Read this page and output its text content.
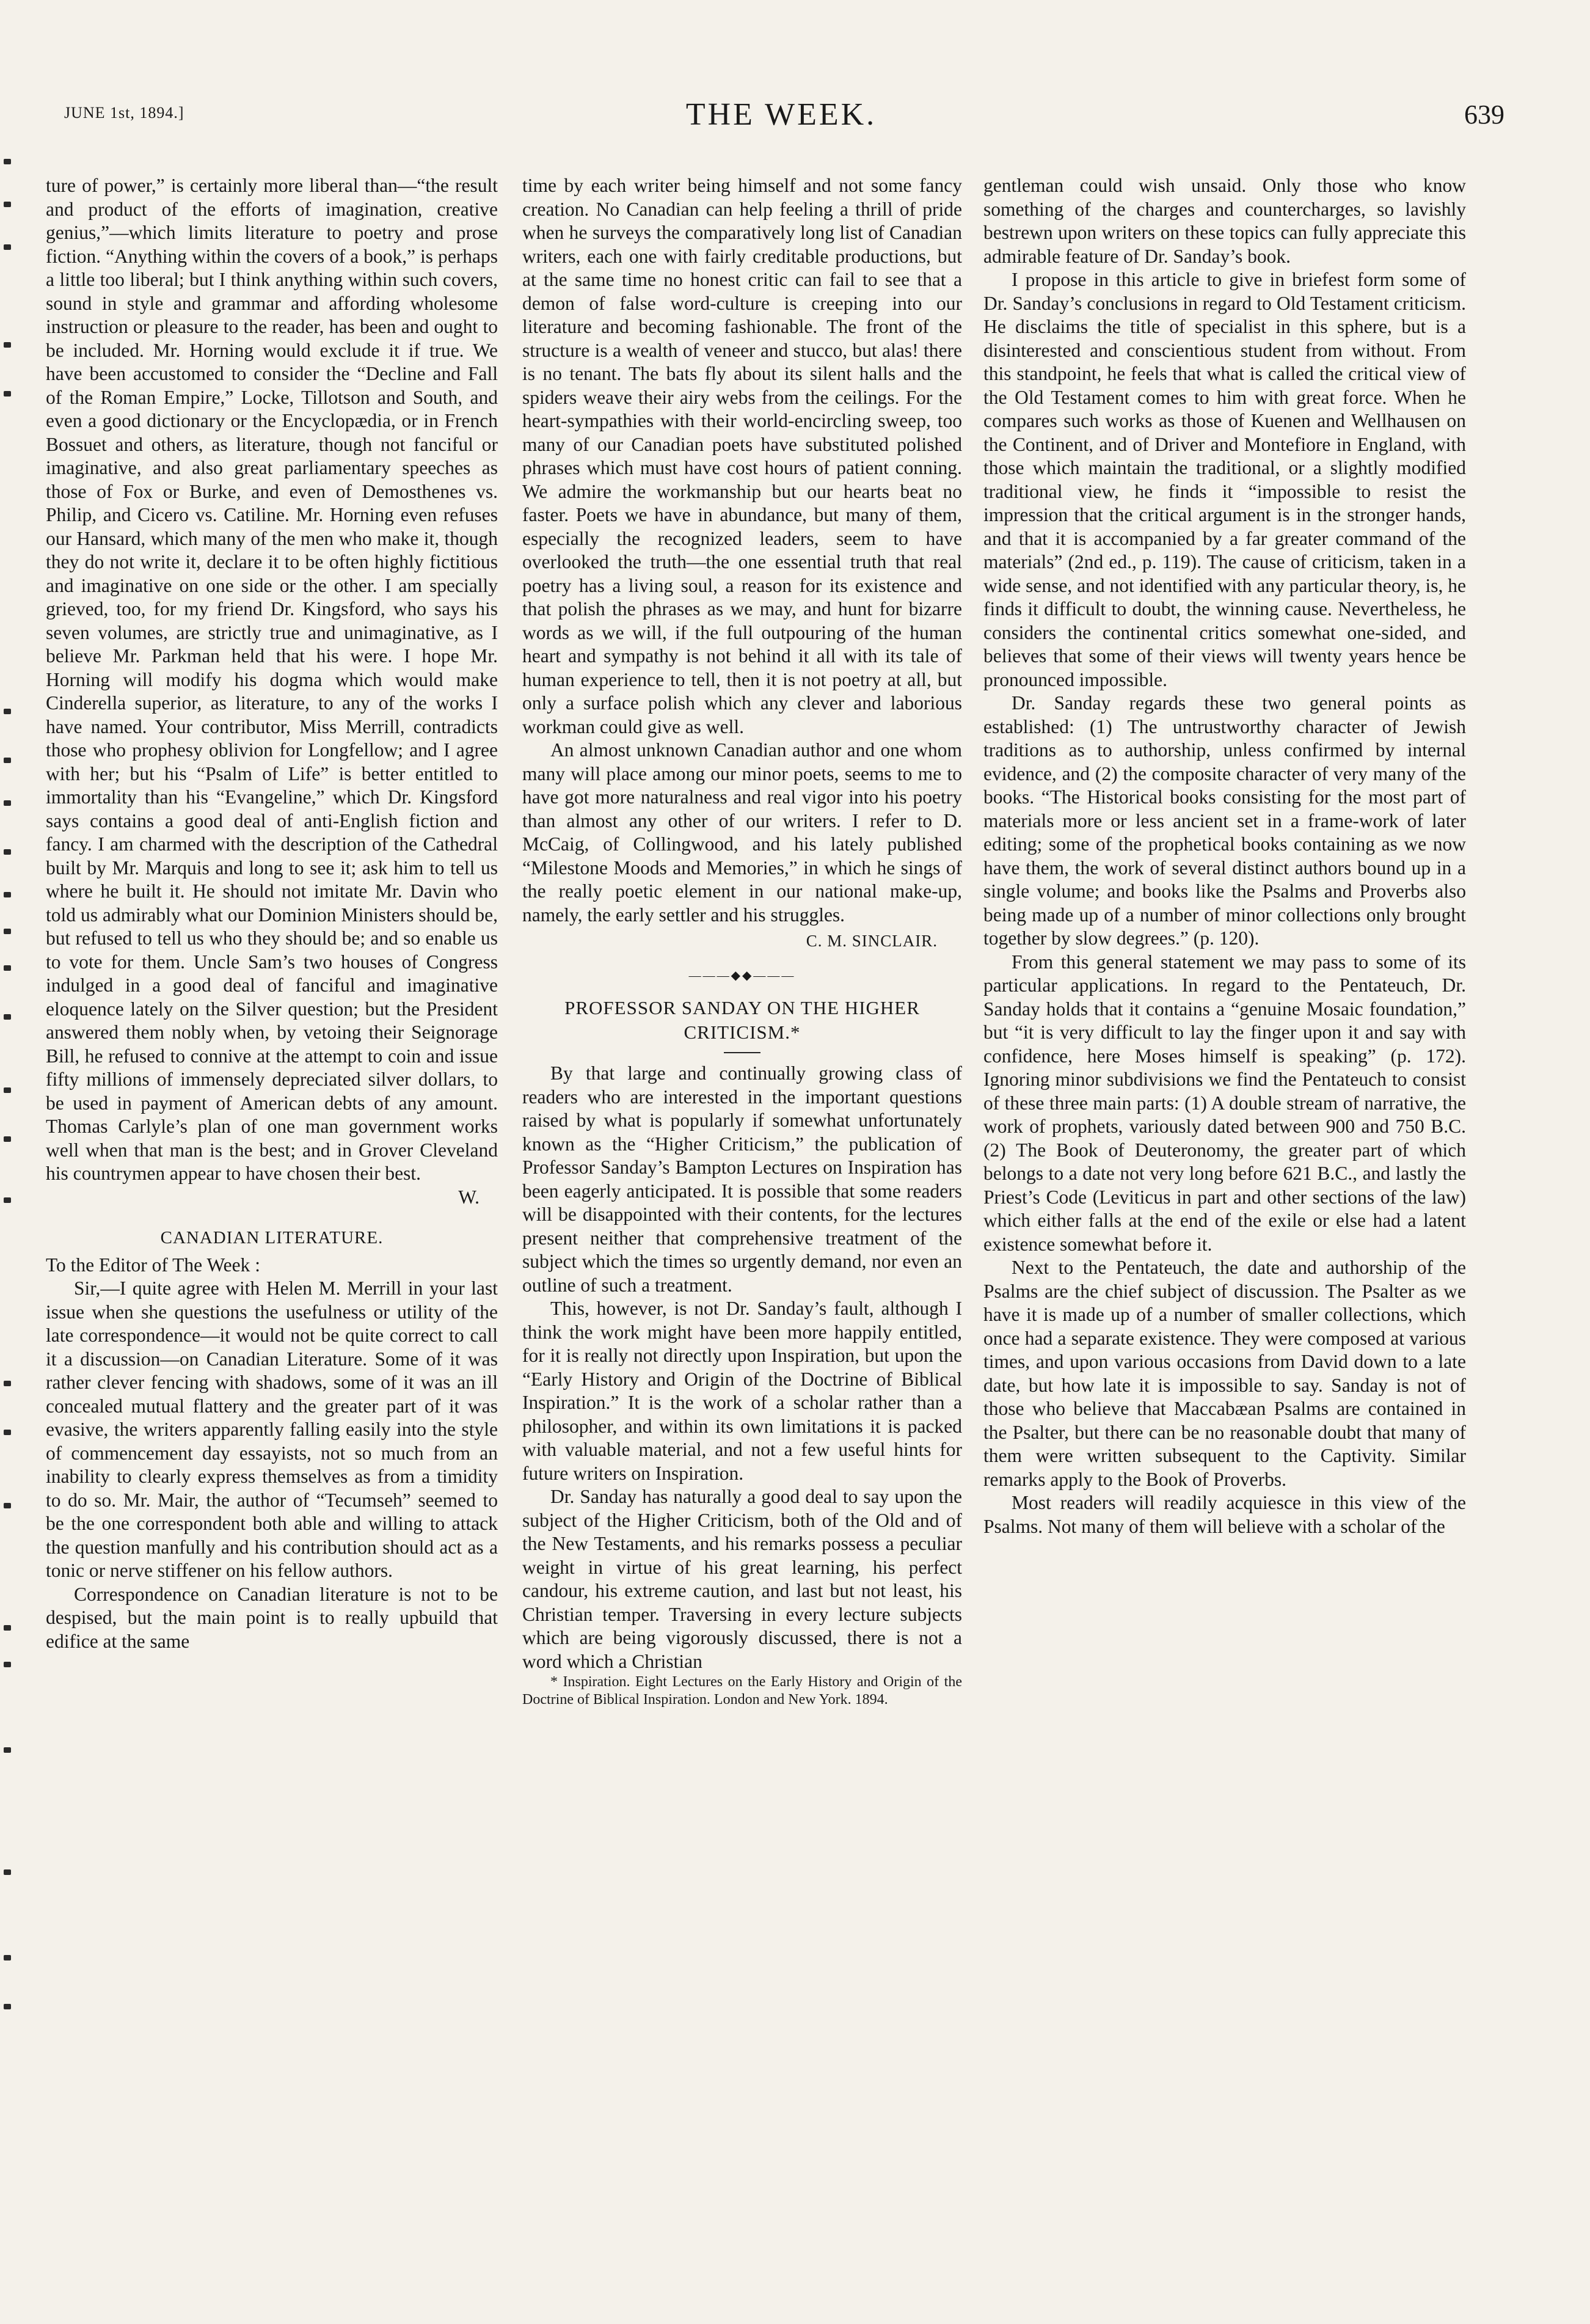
JUNE 1st, 1894.]	THE WEEK.	639

ture of power,” is certainly more liberal than—“the result and product of the efforts of imagination, creative genius,”—which limits literature to poetry and prose fiction. “Anything within the covers of a book,” is perhaps a little too liberal; but I think anything within such covers, sound in style and grammar and affording wholesome instruction or pleasure to the reader, has been and ought to be included. Mr. Horning would exclude it if true. We have been accustomed to consider the “Decline and Fall of the Roman Empire,” Locke, Tillotson and South, and even a good dictionary or the Encyclopædia, or in French Bossuet and others, as literature, though not fanciful or imaginative, and also great parliamentary speeches as those of Fox or Burke, and even of Demosthenes vs. Philip, and Cicero vs. Catiline. Mr. Horning even refuses our Hansard, which many of the men who make it, though they do not write it, declare it to be often highly fictitious and imaginative on one side or the other. I am specially grieved, too, for my friend Dr. Kingsford, who says his seven volumes, are strictly true and unimaginative, as I believe Mr. Parkman held that his were. I hope Mr. Horning will modify his dogma which would make Cinderella superior, as literature, to any of the works I have named. Your contributor, Miss Merrill, contradicts those who prophesy oblivion for Longfellow; and I agree with her; but his “Psalm of Life” is better entitled to immortality than his “Evangeline,” which Dr. Kingsford says contains a good deal of anti-English fiction and fancy. I am charmed with the description of the Cathedral built by Mr. Marquis and long to see it; ask him to tell us where he built it. He should not imitate Mr. Davin who told us admirably what our Dominion Ministers should be, but refused to tell us who they should be; and so enable us to vote for them. Uncle Sam’s two houses of Congress indulged in a good deal of fanciful and imaginative eloquence lately on the Silver question; but the President answered them nobly when, by vetoing their Seignorage Bill, he refused to connive at the attempt to coin and issue fifty millions of immensely depreciated silver dollars, to be used in payment of American debts of any amount. Thomas Carlyle’s plan of one man government works well when that man is the best; and in Grover Cleveland his countrymen appear to have chosen their best.

W.
CANADIAN LITERATURE.

To the Editor of The Week :

Sir,—I quite agree with Helen M. Merrill in your last issue when she questions the usefulness or utility of the late correspondence—it would not be quite correct to call it a discussion—on Canadian Literature. Some of it was rather clever fencing with shadows, some of it was an ill concealed mutual flattery and the greater part of it was evasive, the writers apparently falling easily into the style of commencement day essayists, not so much from an inability to clearly express themselves as from a timidity to do so. Mr. Mair, the author of “Tecumseh” seemed to be the one correspondent both able and willing to attack the question manfully and his contribution should act as a tonic or nerve stiffener on his fellow authors.

Correspondence on Canadian literature is not to be despised, but the main point is to really upbuild that edifice at the same

time by each writer being himself and not some fancy creation. No Canadian can help feeling a thrill of pride when he surveys the comparatively long list of Canadian writers, each one with fairly creditable productions, but at the same time no honest critic can fail to see that a demon of false word-culture is creeping into our literature and becoming fashionable. The front of the structure is a wealth of veneer and stucco, but alas! there is no tenant. The bats fly about its silent halls and the spiders weave their airy webs from the ceilings. For the heart-sympathies with their world-encircling sweep, too many of our Canadian poets have substituted polished phrases which must have cost hours of patient conning. We admire the workmanship but our hearts beat no faster. Poets we have in abundance, but many of them, especially the recognized leaders, seem to have overlooked the truth—the one essential truth that real poetry has a living soul, a reason for its existence and that polish the phrases as we may, and hunt for bizarre words as we will, if the full outpouring of the human heart and sympathy is not behind it all with its tale of human experience to tell, then it is not poetry at all, but only a surface polish which any clever and laborious workman could give as well.

An almost unknown Canadian author and one whom many will place among our minor poets, seems to me to have got more naturalness and real vigor into his poetry than almost any other of our writers. I refer to D. McCaig, of Collingwood, and his lately published “Milestone Moods and Memories,” in which he sings of the really poetic element in our national make-up, namely, the early settler and his struggles.

C. M. SINCLAIR.
———◆◆———
PROFESSOR SANDAY ON THE HIGHER CRITICISM.*

By that large and continually growing class of readers who are interested in the important questions raised by what is popularly if somewhat unfortunately known as the “Higher Criticism,” the publication of Professor Sanday’s Bampton Lectures on Inspiration has been eagerly anticipated. It is possible that some readers will be disappointed with their contents, for the lectures present neither that comprehensive treatment of the subject which the times so urgently demand, nor even an outline of such a treatment.

This, however, is not Dr. Sanday’s fault, although I think the work might have been more happily entitled, for it is really not directly upon Inspiration, but upon the “Early History and Origin of the Doctrine of Biblical Inspiration.” It is the work of a scholar rather than a philosopher, and within its own limitations it is packed with valuable material, and not a few useful hints for future writers on Inspiration.

Dr. Sanday has naturally a good deal to say upon the subject of the Higher Criticism, both of the Old and of the New Testaments, and his remarks possess a peculiar weight in virtue of his great learning, his perfect candour, his extreme caution, and last but not least, his Christian temper. Traversing in every lecture subjects which are being vigorously discussed, there is not a word which a Christian

* Inspiration. Eight Lectures on the Early History and Origin of the Doctrine of Biblical Inspiration. London and New York. 1894.

gentleman could wish unsaid. Only those who know something of the charges and countercharges, so lavishly bestrewn upon writers on these topics can fully appreciate this admirable feature of Dr. Sanday’s book.

I propose in this article to give in briefest form some of Dr. Sanday’s conclusions in regard to Old Testament criticism. He disclaims the title of specialist in this sphere, but is a disinterested and conscientious student from without. From this standpoint, he feels that what is called the critical view of the Old Testament comes to him with great force. When he compares such works as those of Kuenen and Wellhausen on the Continent, and of Driver and Montefiore in England, with those which maintain the traditional, or a slightly modified traditional view, he finds it “impossible to resist the impression that the critical argument is in the stronger hands, and that it is accompanied by a far greater command of the materials” (2nd ed., p. 119). The cause of criticism, taken in a wide sense, and not identified with any particular theory, is, he finds it difficult to doubt, the winning cause. Nevertheless, he considers the continental critics somewhat one-sided, and believes that some of their views will twenty years hence be pronounced impossible.

Dr. Sanday regards these two general points as established: (1) The untrustworthy character of Jewish traditions as to authorship, unless confirmed by internal evidence, and (2) the composite character of very many of the books. “The Historical books consisting for the most part of materials more or less ancient set in a frame-work of later editing; some of the prophetical books containing as we now have them, the work of several distinct authors bound up in a single volume; and books like the Psalms and Proverbs also being made up of a number of minor collections only brought together by slow degrees.” (p. 120).

From this general statement we may pass to some of its particular applications. In regard to the Pentateuch, Dr. Sanday holds that it contains a “genuine Mosaic foundation,” but “it is very difficult to lay the finger upon it and say with confidence, here Moses himself is speaking” (p. 172). Ignoring minor subdivisions we find the Pentateuch to consist of these three main parts: (1) A double stream of narrative, the work of prophets, variously dated between 900 and 750 B.C. (2) The Book of Deuteronomy, the greater part of which belongs to a date not very long before 621 B.C., and lastly the Priest’s Code (Leviticus in part and other sections of the law) which either falls at the end of the exile or else had a latent existence somewhat before it.

Next to the Pentateuch, the date and authorship of the Psalms are the chief subject of discussion. The Psalter as we have it is made up of a number of smaller collections, which once had a separate existence. They were composed at various times, and upon various occasions from David down to a late date, but how late it is impossible to say. Sanday is not of those who believe that Maccabæan Psalms are contained in the Psalter, but there can be no reasonable doubt that many of them were written subsequent to the Captivity. Similar remarks apply to the Book of Proverbs.

Most readers will readily acquiesce in this view of the Psalms. Not many of them will believe with a scholar of the
